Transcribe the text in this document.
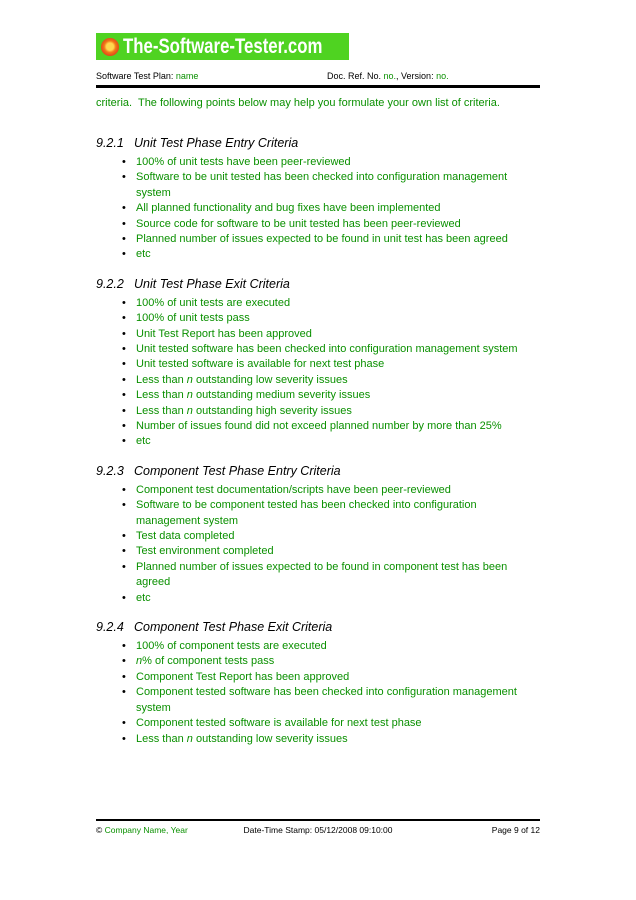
The-Software-Tester.com
Software Test Plan: name	Doc. Ref. No. no., Version: no.

criteria.  The following points below may help you formulate your own list of criteria.

9.2.1 Unit Test Phase Entry Criteria
• 100% of unit tests have been peer-reviewed
• Software to be unit tested has been checked into configuration management system
• All planned functionality and bug fixes have been implemented
• Source code for software to be unit tested has been peer-reviewed
• Planned number of issues expected to be found in unit test has been agreed
• etc
9.2.2 Unit Test Phase Exit Criteria
• 100% of unit tests are executed
• 100% of unit tests pass
• Unit Test Report has been approved
• Unit tested software has been checked into configuration management system
• Unit tested software is available for next test phase
• Less than n outstanding low severity issues
• Less than n outstanding medium severity issues
• Less than n outstanding high severity issues
• Number of issues found did not exceed planned number by more than 25%
• etc
9.2.3 Component Test Phase Entry Criteria
• Component test documentation/scripts have been peer-reviewed
• Software to be component tested has been checked into configuration management system
• Test data completed
• Test environment completed
• Planned number of issues expected to be found in component test has been agreed
• etc
9.2.4 Component Test Phase Exit Criteria
• 100% of component tests are executed
• n% of component tests pass
• Component Test Report has been approved
• Component tested software has been checked into configuration management system
• Component tested software is available for next test phase
• Less than n outstanding low severity issues
© Company Name, Year	Date-Time Stamp: 05/12/2008 09:10:00	Page 9 of 12
